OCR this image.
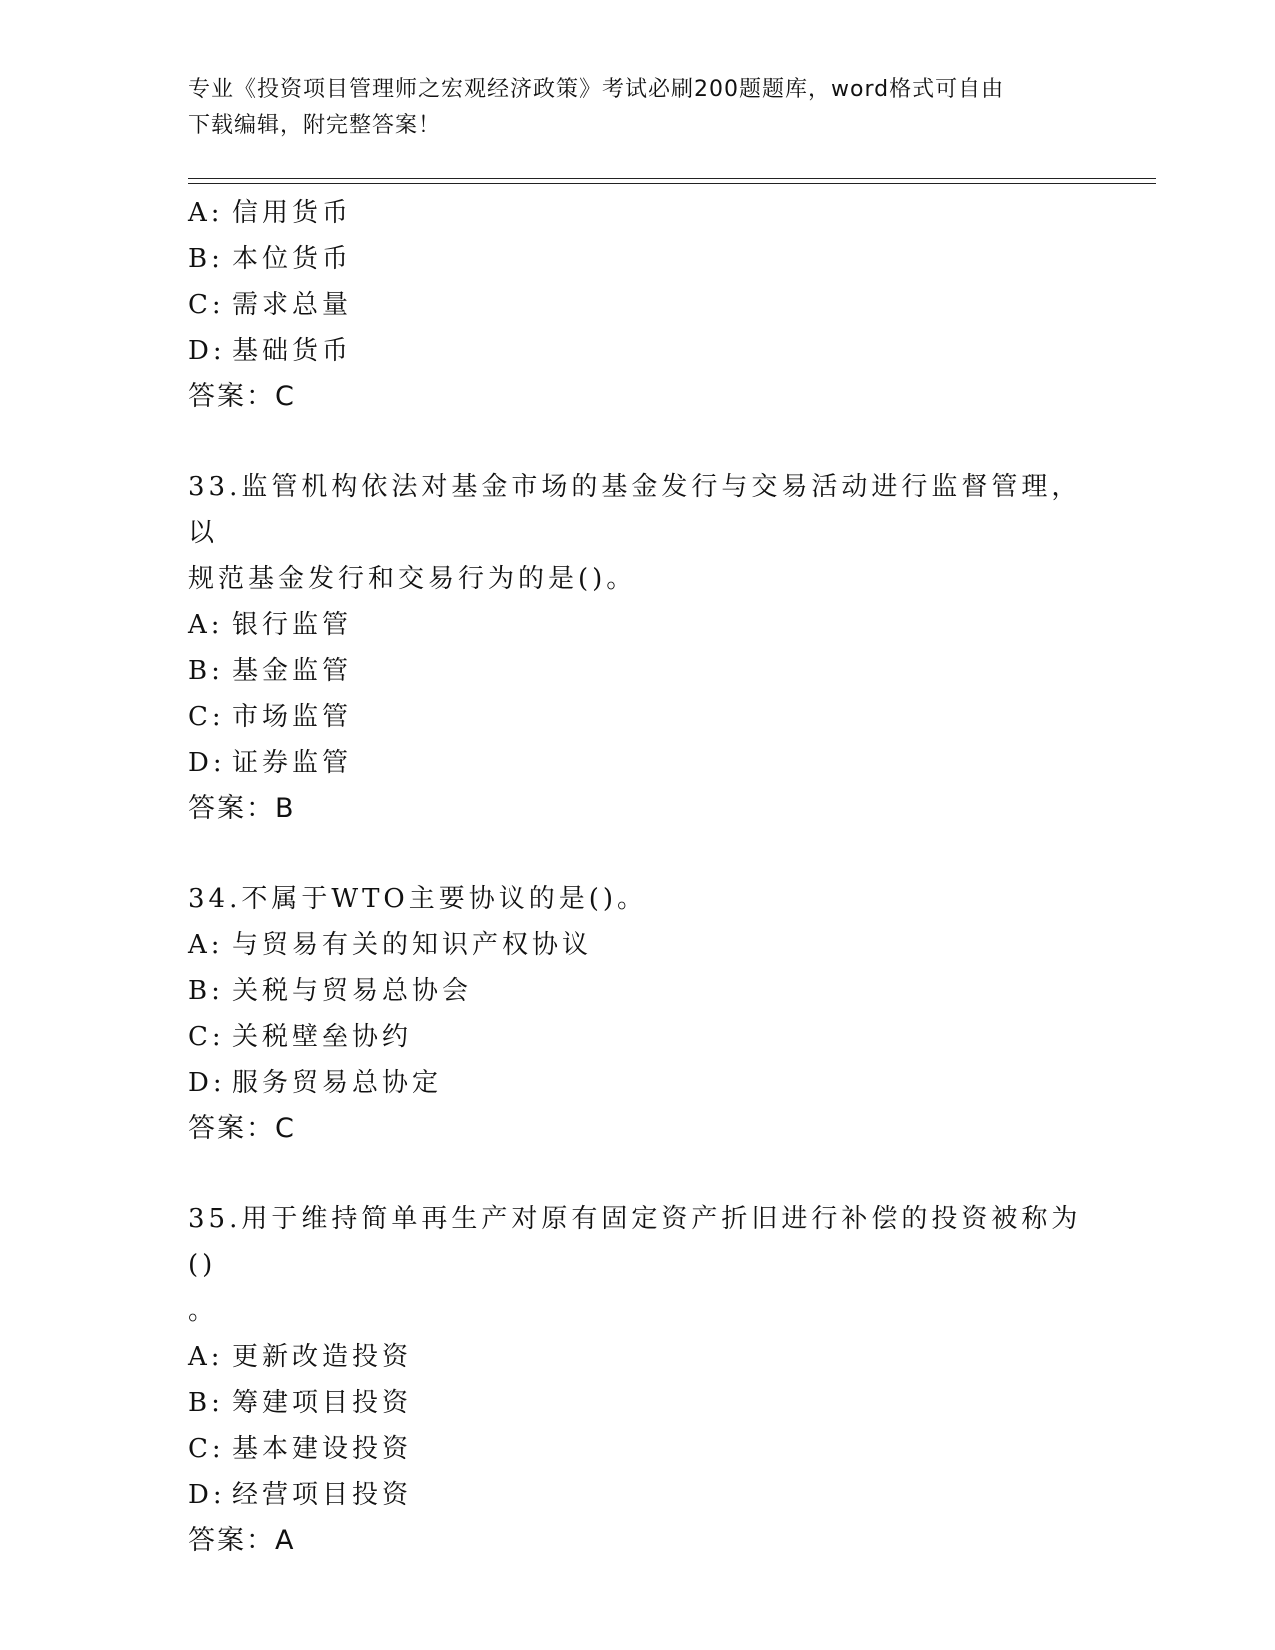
专业《投资项目管理师之宏观经济政策》考试必刷200题题库，word格式可自由
下载编辑，附完整答案！
A: 信用货币
B: 本位货币
C: 需求总量
D: 基础货币
答案：C
33.监管机构依法对基金市场的基金发行与交易活动进行监督管理，以
规范基金发行和交易行为的是()。
A: 银行监管
B: 基金监管
C: 市场监管
D: 证券监管
答案：B
34.不属于WTO主要协议的是()。
A: 与贸易有关的知识产权协议
B: 关税与贸易总协会
C: 关税壁垒协约
D: 服务贸易总协定
答案：C
35.用于维持简单再生产对原有固定资产折旧进行补偿的投资被称为()
。
A: 更新改造投资
B: 筹建项目投资
C: 基本建设投资
D: 经营项目投资
答案：A
